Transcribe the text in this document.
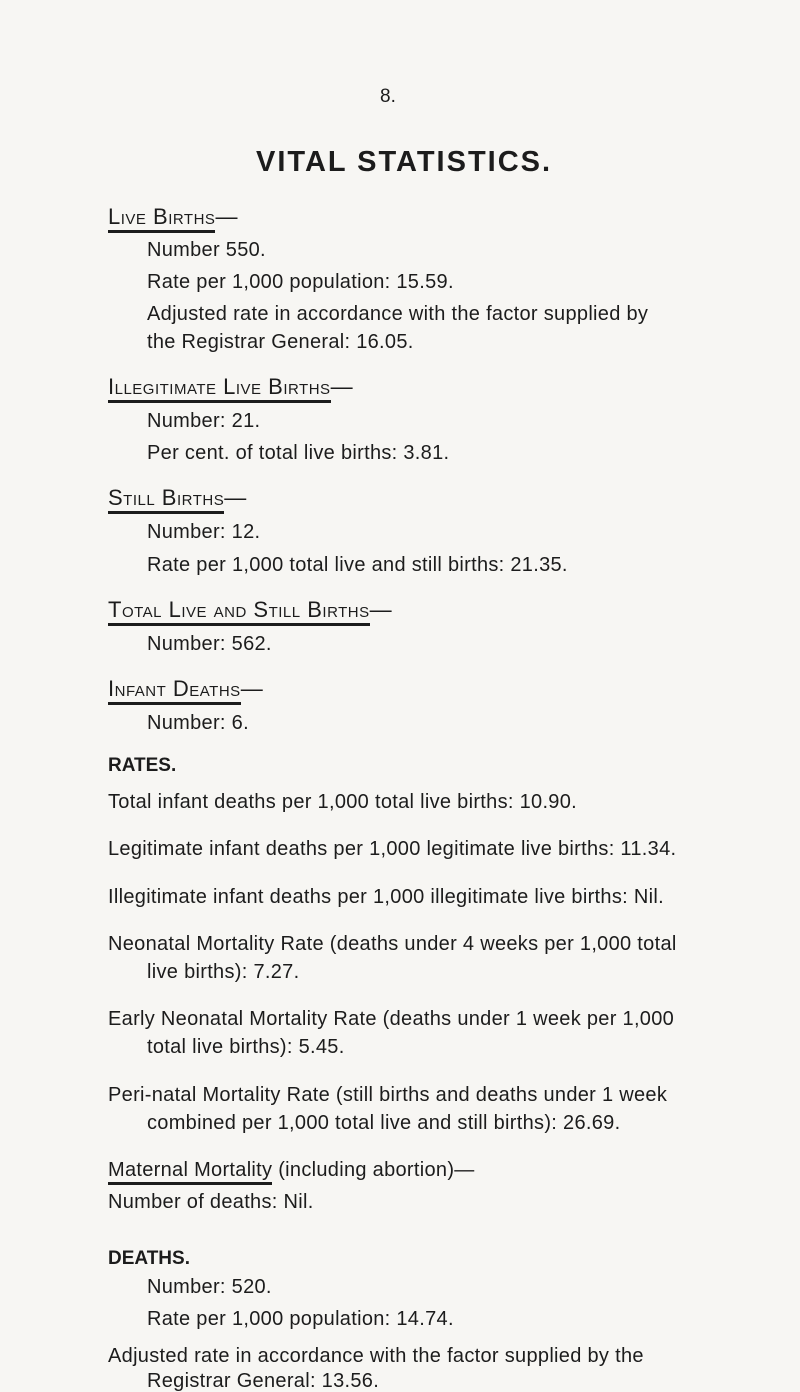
8.
VITAL STATISTICS.
Live Births—
Number 550.
Rate per 1,000 population: 15.59.
Adjusted rate in accordance with the factor supplied by
the Registrar General: 16.05.
Illegitimate Live Births—
Number: 21.
Per cent. of total live births: 3.81.
Still Births—
Number: 12.
Rate per 1,000 total live and still births: 21.35.
Total Live and Still Births—
Number: 562.
Infant Deaths—
Number: 6.
RATES.
Total infant deaths per 1,000 total live births: 10.90.
Legitimate infant deaths per 1,000 legitimate live births: 11.34.
Illegitimate infant deaths per 1,000 illegitimate live births: Nil.
Neonatal Mortality Rate (deaths under 4 weeks per 1,000 total
live births): 7.27.
Early Neonatal Mortality Rate (deaths under 1 week per 1,000
total live births): 5.45.
Peri-natal Mortality Rate (still births and deaths under 1 week
combined per 1,000 total live and still births): 26.69.
Maternal Mortality (including abortion)—
Number of deaths: Nil.
DEATHS.
Number: 520.
Rate per 1,000 population: 14.74.
Adjusted rate in accordance with the factor supplied by the
Registrar General: 13.56.
